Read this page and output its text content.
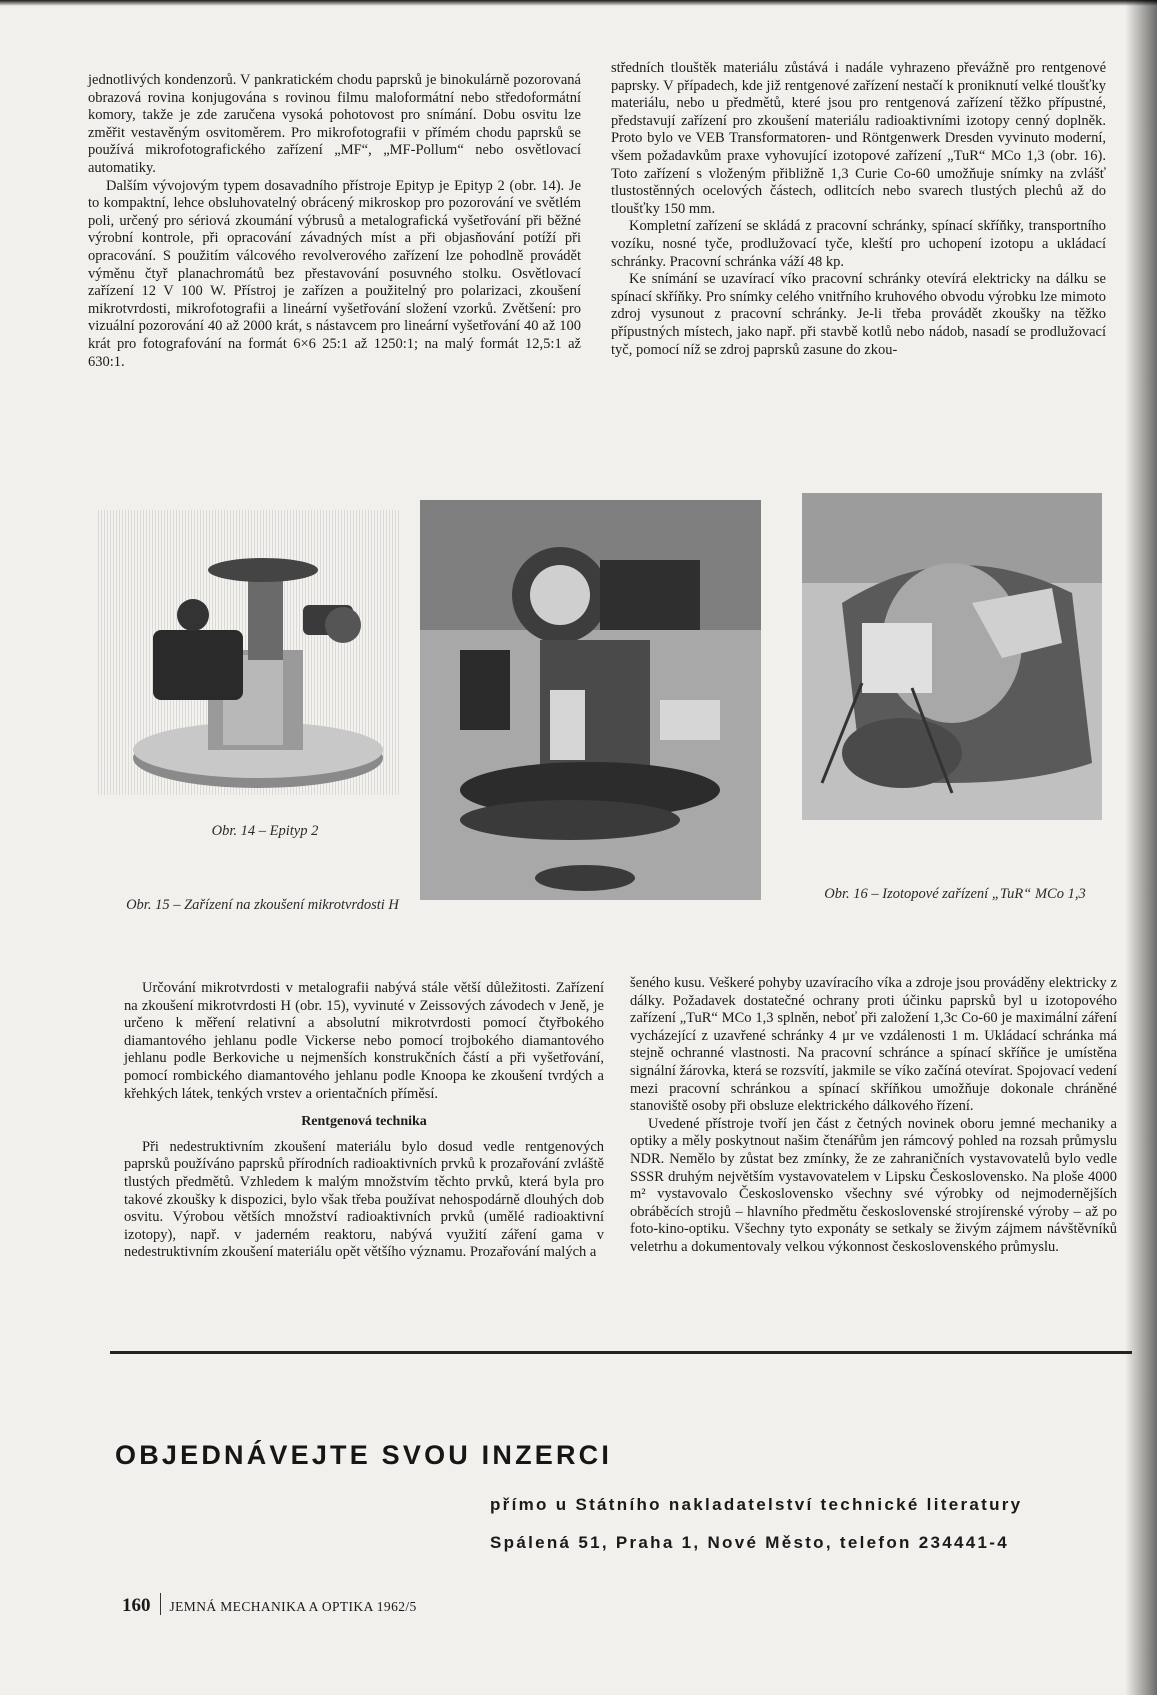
jednotlivých kondenzorů. V pankratickém chodu paprsků je binokulárně pozorovaná obrazová rovina konjugována s rovinou filmu maloformátní nebo středoformátní komory, takže je zde zaručena vysoká pohotovost pro snímání. Dobu osvitu lze změřit vestavěným osvitoměrem. Pro mikrofotografii v přímém chodu paprsků se používá mikrofotografického zařízení „MF“, „MF-Pollum“ nebo osvětlovací automatiky.

Dalším vývojovým typem dosavadního přístroje Epityp je Epityp 2 (obr. 14). Je to kompaktní, lehce obsluhovatelný obrácený mikroskop pro pozorování ve světlém poli, určený pro sériová zkoumání výbrusů a metalografická vyšetřování při běžné výrobní kontrole, při opracování závadných míst a při objasňování potíží při opracování. S použitím válcového revolverového zařízení lze pohodlně provádět výměnu čtyř planachromátů bez přestavování posuvného stolku. Osvětlovací zařízení 12 V 100 W. Přístroj je zařízen a použitelný pro polarizaci, zkoušení mikrotvrdosti, mikrofotografii a lineární vyšetřování složení vzorků. Zvětšení: pro vizuální pozorování 40 až 2000 krát, s nástavcem pro lineární vyšetřování 40 až 100 krát pro fotografování na formát 6×6 25:1 až 1250:1; na malý formát 12,5:1 až 630:1.

středních tlouštěk materiálu zůstává i nadále vyhrazeno převážně pro rentgenové paprsky. V případech, kde již rentgenové zařízení nestačí k proniknutí velké tloušťky materiálu, nebo u předmětů, které jsou pro rentgenová zařízení těžko přípustné, představují zařízení pro zkoušení materiálu radioaktivními izotopy cenný doplněk. Proto bylo ve VEB Transformatoren- und Röntgenwerk Dresden vyvinuto moderní, všem požadavkům praxe vyhovující izotopové zařízení „TuR“ MCo 1,3 (obr. 16). Toto zařízení s vloženým přibližně 1,3 Curie Co-60 umožňuje snímky na zvlášť tlustostěnných ocelových částech, odlitcích nebo svarech tlustých plechů až do tloušťky 150 mm.

Kompletní zařízení se skládá z pracovní schránky, spínací skříňky, transportního vozíku, nosné tyče, prodlužovací tyče, kleští pro uchopení izotopu a ukládací schránky. Pracovní schránka váží 48 kp.

Ke snímání se uzavírací víko pracovní schránky otevírá elektricky na dálku se spínací skříňky. Pro snímky celého vnitřního kruhového obvodu výrobku lze mimoto zdroj vysunout z pracovní schránky. Je-li třeba provádět zkoušky na těžko přípustných místech, jako např. při stavbě kotlů nebo nádob, nasadí se prodlužovací tyč, pomocí níž se zdroj paprsků zasune do zkou-

Obr. 14 – Epityp 2
Obr. 15 – Zařízení na zkoušení mikrotvrdosti H
Obr. 16 – Izotopové zařízení „TuR“ MCo 1,3

Určování mikrotvrdosti v metalografii nabývá stále větší důležitosti. Zařízení na zkoušení mikrotvrdosti H (obr. 15), vyvinuté v Zeissových závodech v Jeně, je určeno k měření relativní a absolutní mikrotvrdosti pomocí čtyřbokého diamantového jehlanu podle Vickerse nebo pomocí trojbokého diamantového jehlanu podle Berkoviche u nejmenších konstrukčních částí a při vyšetřování, pomocí rombického diamantového jehlanu podle Knoopa ke zkoušení tvrdých a křehkých látek, tenkých vrstev a orientačních příměsí.

Rentgenová technika

Při nedestruktivním zkoušení materiálu bylo dosud vedle rentgenových paprsků používáno paprsků přírodních radioaktivních prvků k prozařování zvláště tlustých předmětů. Vzhledem k malým množstvím těchto prvků, která byla pro takové zkoušky k dispozici, bylo však třeba používat nehospodárně dlouhých dob osvitu. Výrobou větších množství radioaktivních prvků (umělé radioaktivní izotopy), např. v jaderném reaktoru, nabývá využití záření gama v nedestruktivním zkoušení materiálu opět většího významu. Prozařování malých a

šeného kusu. Veškeré pohyby uzavíracího víka a zdroje jsou prováděny elektricky z dálky. Požadavek dostatečné ochrany proti účinku paprsků byl u izotopového zařízení „TuR“ MCo 1,3 splněn, neboť při založení 1,3c Co-60 je maximální záření vycházející z uzavřené schránky 4 μr ve vzdálenosti 1 m. Ukládací schránka má stejně ochranné vlastnosti. Na pracovní schránce a spínací skříňce je umístěna signální žárovka, která se rozsvítí, jakmile se víko začíná otevírat. Spojovací vedení mezi pracovní schránkou a spínací skříňkou umožňuje dokonale chráněné stanoviště osoby při obsluze elektrického dálkového řízení.

Uvedené přístroje tvoří jen část z četných novinek oboru jemné mechaniky a optiky a měly poskytnout našim čtenářům jen rámcový pohled na rozsah průmyslu NDR. Nemělo by zůstat bez zmínky, že ze zahraničních vystavovatelů bylo vedle SSSR druhým největším vystavovatelem v Lipsku Československo. Na ploše 4000 m² vystavovalo Československo všechny své výrobky od nejmodernějších obráběcích strojů – hlavního předmětu československé strojírenské výroby – až po foto-kino-optiku. Všechny tyto exponáty se setkaly se živým zájmem návštěvníků veletrhu a dokumentovaly velkou výkonnost československého průmyslu.

OBJEDNÁVEJTE SVOU INZERCI
přímo u Státního nakladatelství technické literatury
Spálená 51, Praha 1, Nové Město, telefon 234441-4
160 JEMNÁ MECHANIKA A OPTIKA 1962/5
